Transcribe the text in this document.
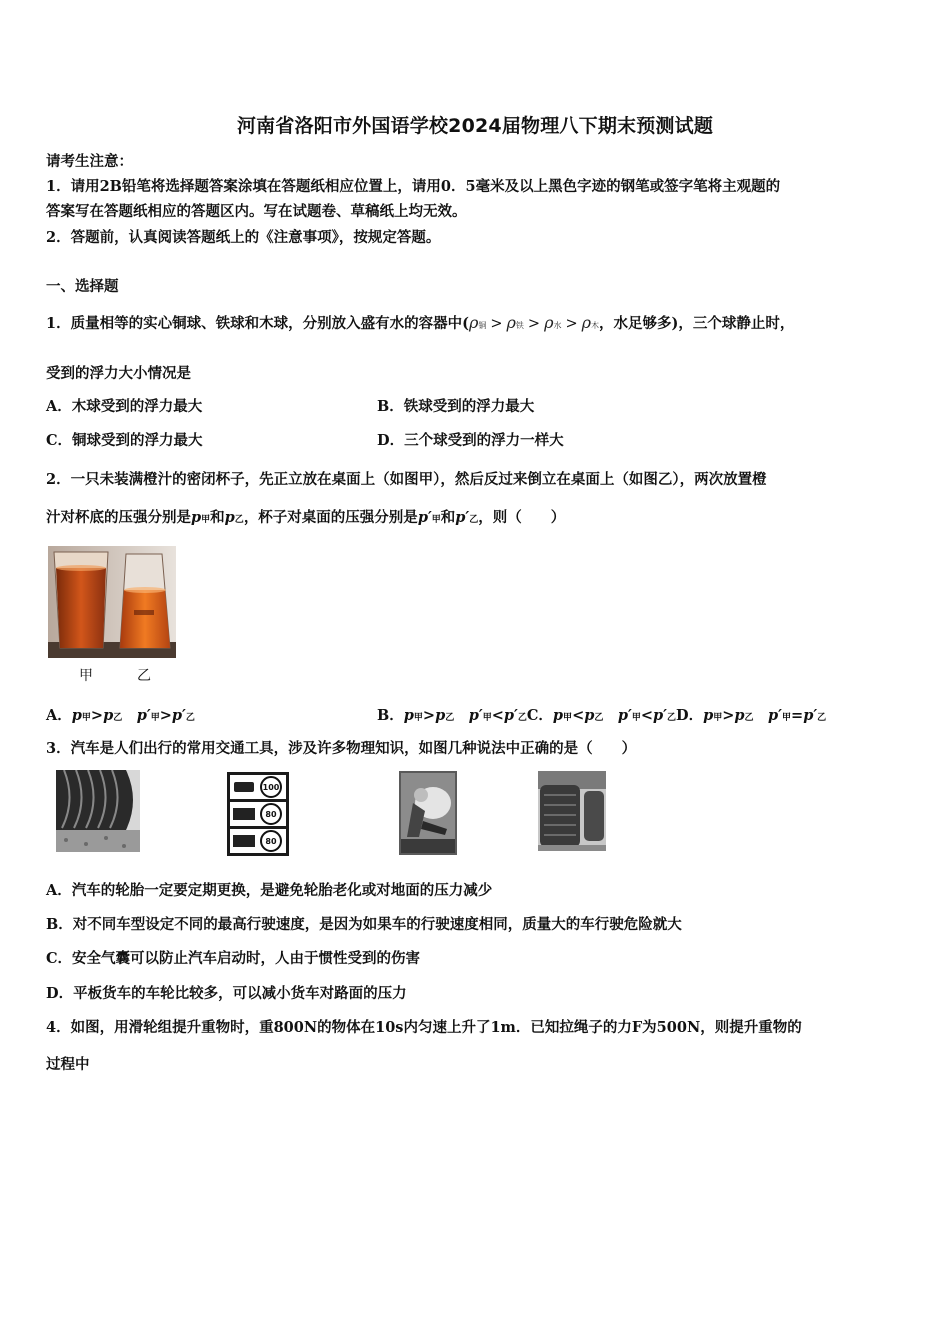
河南省洛阳市外国语学校2024届物理八下期末预测试题
请考生注意：
1．请用2B铅笔将选择题答案涂填在答题纸相应位置上，请用0．5毫米及以上黑色字迹的钢笔或签字笔将主观题的
答案写在答题纸相应的答题区内。写在试题卷、草稿纸上均无效。
2．答题前，认真阅读答题纸上的《注意事项》，按规定答题。
一、选择题
1．质量相等的实心铜球、铁球和木球，分别放入盛有水的容器中(ρ铜 > ρ铁 > ρ水 > ρ木，水足够多)，三个球静止时，
受到的浮力大小情况是
A．木球受到的浮力最大	B．铁球受到的浮力最大
C．铜球受到的浮力最大	D．三个球受到的浮力一样大
2．一只未装满橙汁的密闭杯子，先正立放在桌面上（如图甲），然后反过来倒立在桌面上（如图乙），两次放置橙
汁对杯底的压强分别是p甲和p乙，杯子对桌面的压强分别是p′甲和p′乙，则（　　）
甲	乙
A．p甲>p乙　 p′甲>p′乙	B．p甲>p乙　 p′甲<p′乙C．p甲<p乙　 p′甲<p′乙D．p甲>p乙　 p′甲=p′乙
3．汽车是人们出行的常用交通工具，涉及许多物理知识，如图几种说法中正确的是（　　）
100
80
80
A．汽车的轮胎一定要定期更换，是避免轮胎老化或对地面的压力减少
B．对不同车型设定不同的最高行驶速度，是因为如果车的行驶速度相同，质量大的车行驶危险就大
C．安全气囊可以防止汽车启动时，人由于惯性受到的伤害
D．平板货车的车轮比较多，可以减小货车对路面的压力
4．如图，用滑轮组提升重物时，重800N的物体在10s内匀速上升了1m．已知拉绳子的力F为500N，则提升重物的
过程中
